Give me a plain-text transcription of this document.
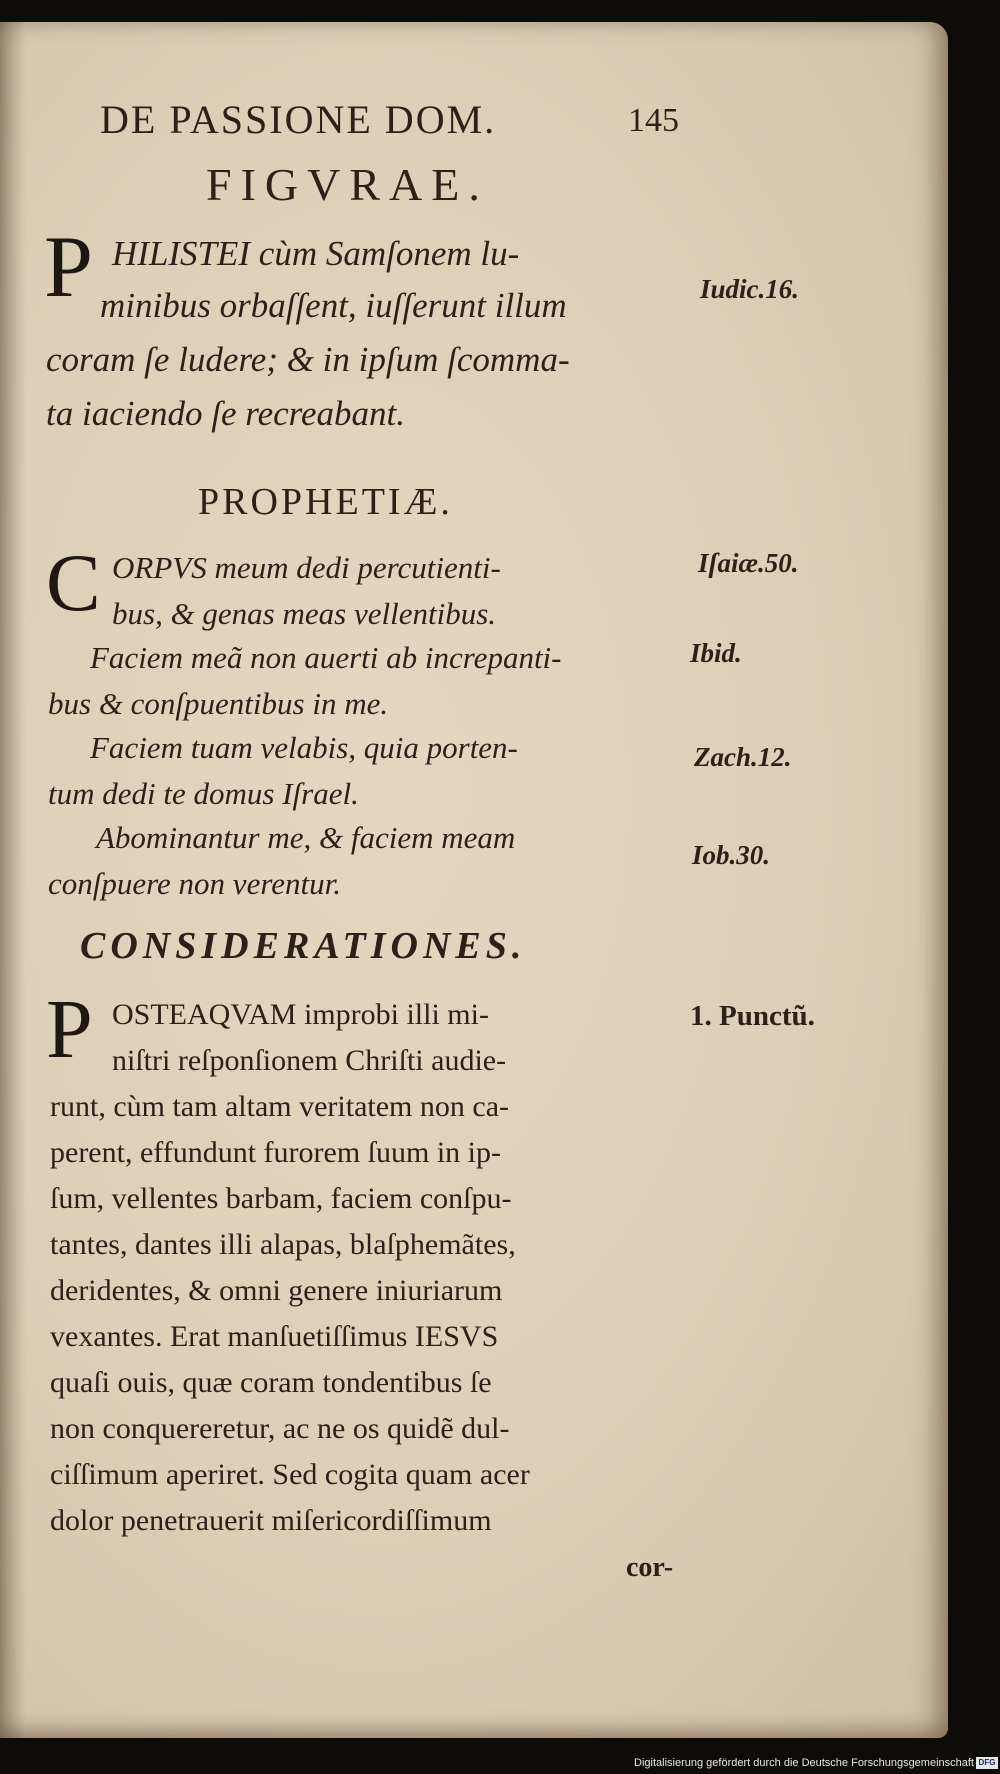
DE PASSIONE DOM.	145
FIGVRAE.
P HILISTEI cùm Samſonem lu-
minibus orbaſſent, iuſſerunt illum
coram ſe ludere; & in ipſum ſcomma-
ta iaciendo ſe recreabant.
Iudic.16.
PROPHETIÆ.
C ORPVS meum dedi percutienti-
bus, & genas meas vellentibus.
Iſaiæ.50.
Faciem meã non auerti ab increpanti-
bus & conſpuentibus in me.
Ibid.
Faciem tuam velabis, quia porten-
tum dedi te domus Iſrael.
Zach.12.
Abominantur me, & faciem meam
conſpuere non verentur.
Iob.30.
CONSIDERATIONES.
P	1. Punctũ.
OSTEAQVAM improbi illi mi-
niſtri reſponſionem Chriſti audie-
runt, cùm tam altam veritatem non ca-
perent, effundunt furorem ſuum in ip-
ſum, vellentes barbam, faciem conſpu-
tantes, dantes illi alapas, blaſphemãtes,
deridentes, & omni genere iniuriarum
vexantes. Erat manſuetiſſimus IESVS
quaſi ouis, quæ coram tondentibus ſe
non conquereretur, ac ne os quidẽ dul-
ciſſimum aperiret. Sed cogita quam acer
dolor penetrauerit miſericordiſſimum
cor-
Digitalisierung gefördert durch die Deutsche Forschungsgemeinschaft DFG
